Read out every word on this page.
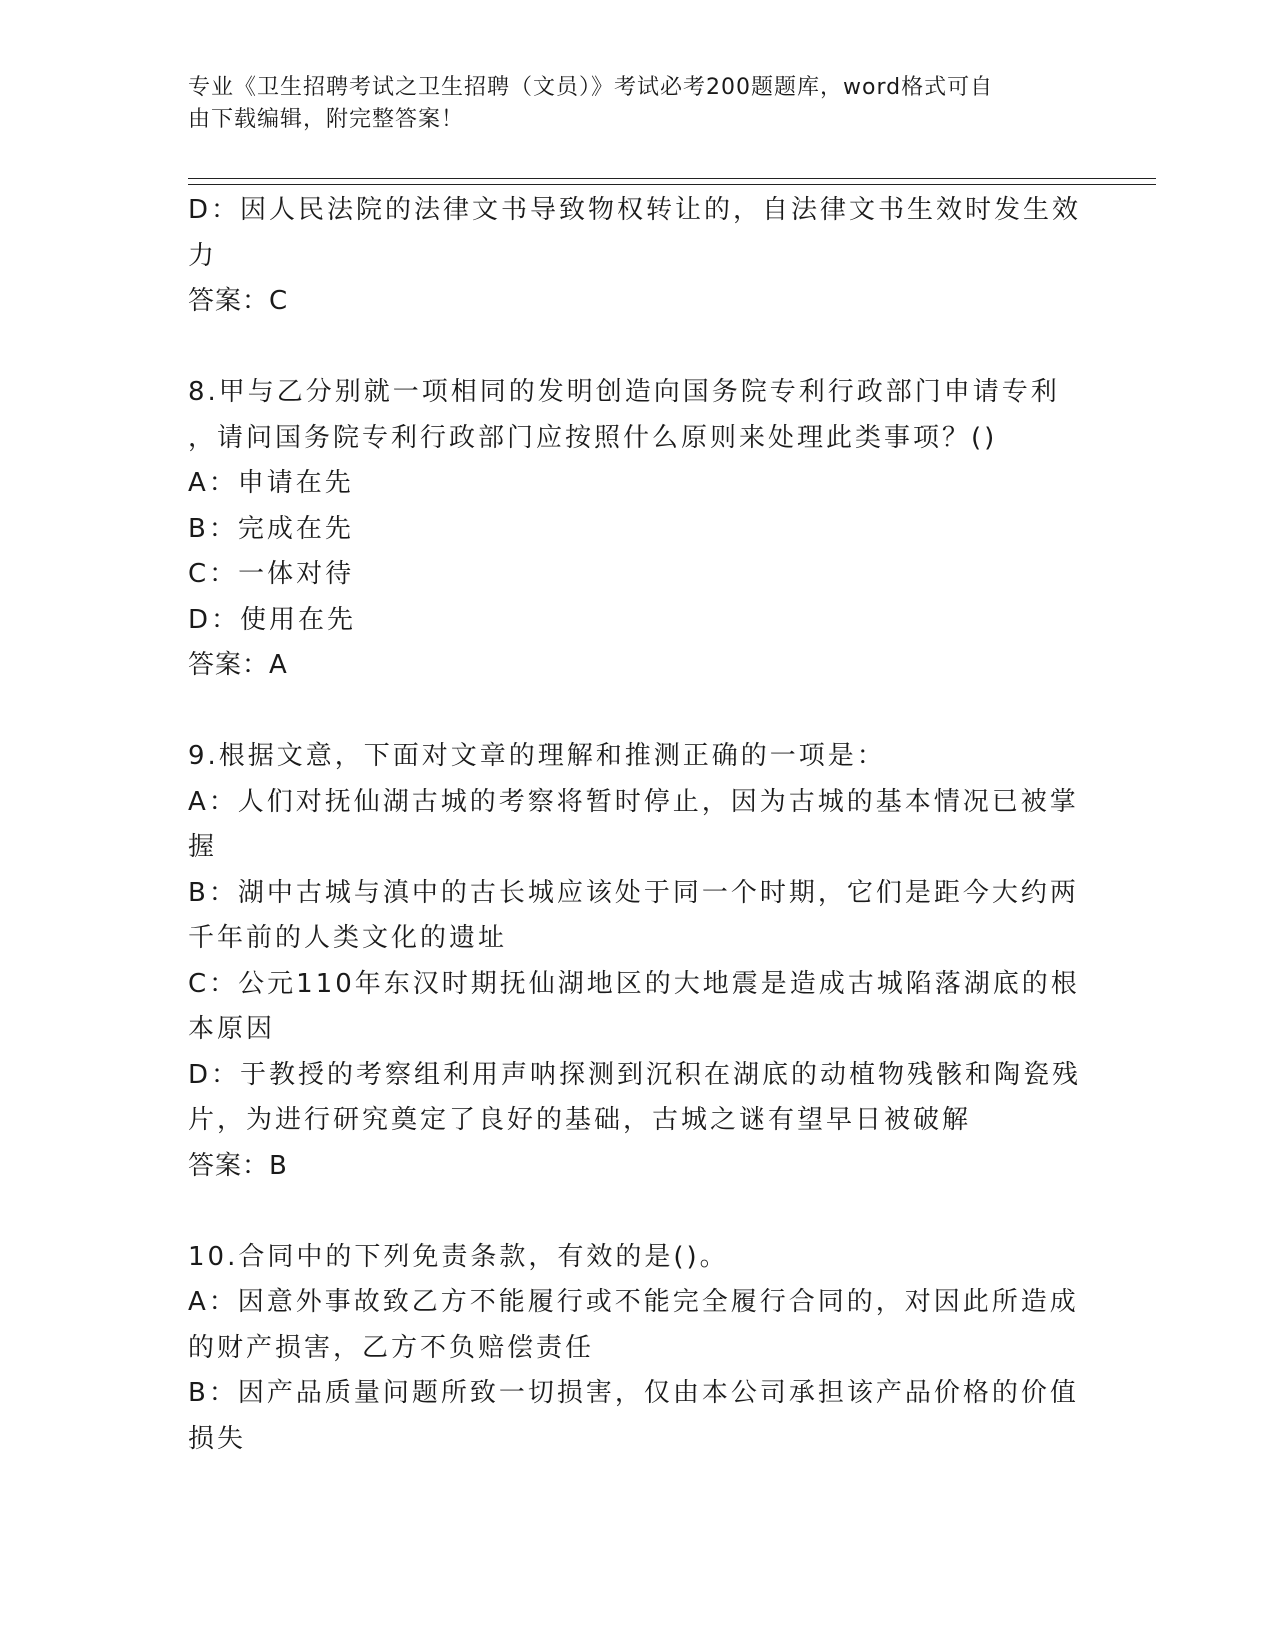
专业《卫生招聘考试之卫生招聘（文员）》考试必考200题题库，word格式可自
由下载编辑，附完整答案！
D：因人民法院的法律文书导致物权转让的，自法律文书生效时发生效
力
答案：C
8.甲与乙分别就一项相同的发明创造向国务院专利行政部门申请专利
，请问国务院专利行政部门应按照什么原则来处理此类事项？()
A：申请在先
B：完成在先
C：一体对待
D：使用在先
答案：A
9.根据文意，下面对文章的理解和推测正确的一项是：
A：人们对抚仙湖古城的考察将暂时停止，因为古城的基本情况已被掌
握
B：湖中古城与滇中的古长城应该处于同一个时期，它们是距今大约两
千年前的人类文化的遗址
C：公元110年东汉时期抚仙湖地区的大地震是造成古城陷落湖底的根
本原因
D：于教授的考察组利用声呐探测到沉积在湖底的动植物残骸和陶瓷残
片，为进行研究奠定了良好的基础，古城之谜有望早日被破解
答案：B
10.合同中的下列免责条款，有效的是()。
A：因意外事故致乙方不能履行或不能完全履行合同的，对因此所造成
的财产损害，乙方不负赔偿责任
B：因产品质量问题所致一切损害，仅由本公司承担该产品价格的价值
损失
